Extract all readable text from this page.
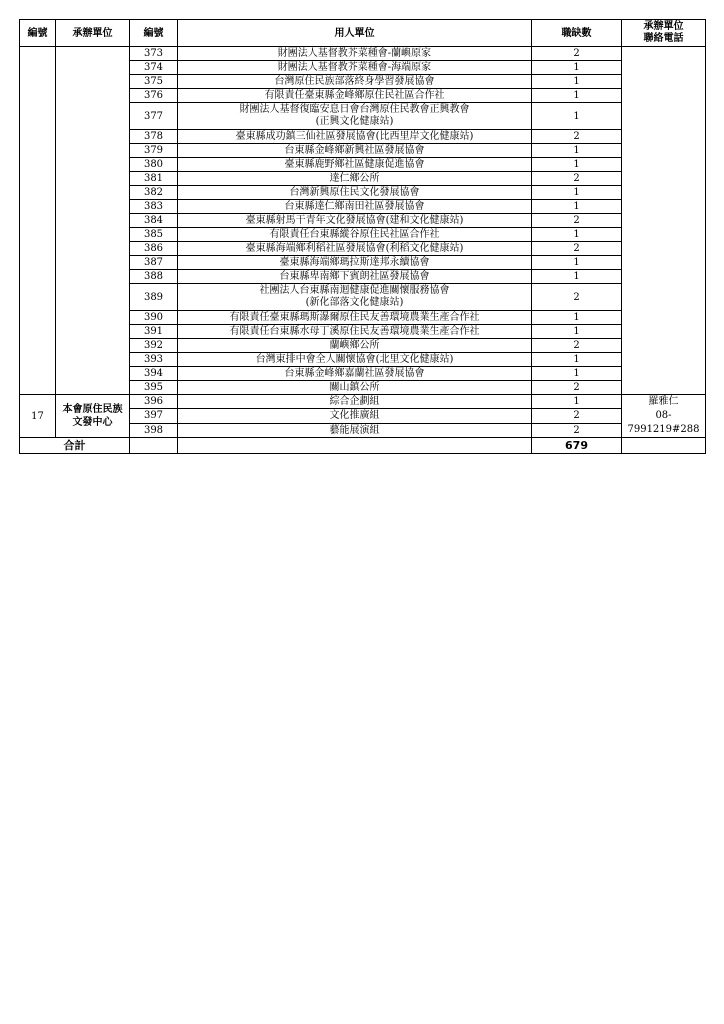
編號	承辦單位	編號	用人單位	職缺數	承辦單位
聯絡電話
		373	財團法人基督教芥菜種會-蘭嶼原家	2	
		374	財團法人基督教芥菜種會-海端原家	1	
		375	台灣原住民族部落終身學習發展協會	1	
		376	有限責任臺東縣金峰鄉原住民社區合作社	1	
		377	財團法人基督復臨安息日會台灣原住民教會正興教會
(正興文化健康站)	1	
		378	臺東縣成功鎮三仙社區發展協會(比西里岸文化健康站)	2	
		379	台東縣金峰鄉新興社區發展協會	1	
		380	臺東縣鹿野鄉社區健康促進協會	1	
		381	達仁鄉公所	2	
		382	台灣新興原住民文化發展協會	1	
		383	台東縣達仁鄉南田社區發展協會	1	
		384	臺東縣射馬干青年文化發展協會(建和文化健康站)	2	
		385	有限責任台東縣縱谷原住民社區合作社	1	
		386	臺東縣海端鄉利稻社區發展協會(利稻文化健康站)	2	
		387	臺東縣海端鄉瑪拉斯達邦永續協會	1	
		388	台東縣卑南鄉下賓朗社區發展協會	1	
		389	社團法人台東縣南迴健康促進關懷服務協會
(新化部落文化健康站)	2	
		390	有限責任臺東縣瑪斯瀑爾原住民友善環境農業生產合作社	1	
		391	有限責任台東縣水母丁溪原住民友善環境農業生產合作社	1	
		392	蘭嶼鄉公所	2	
		393	台灣東排中會全人關懷協會(北里文化健康站)	1	
		394	台東縣金峰鄉嘉蘭社區發展協會	1	
		395	關山鎮公所	2	
17	本會原住民族
文發中心	396	綜合企劃組	1	羅雅仁
08-7991219#288

		397	文化推廣組	2	
		398	藝能展演組	2	
合計				679	
